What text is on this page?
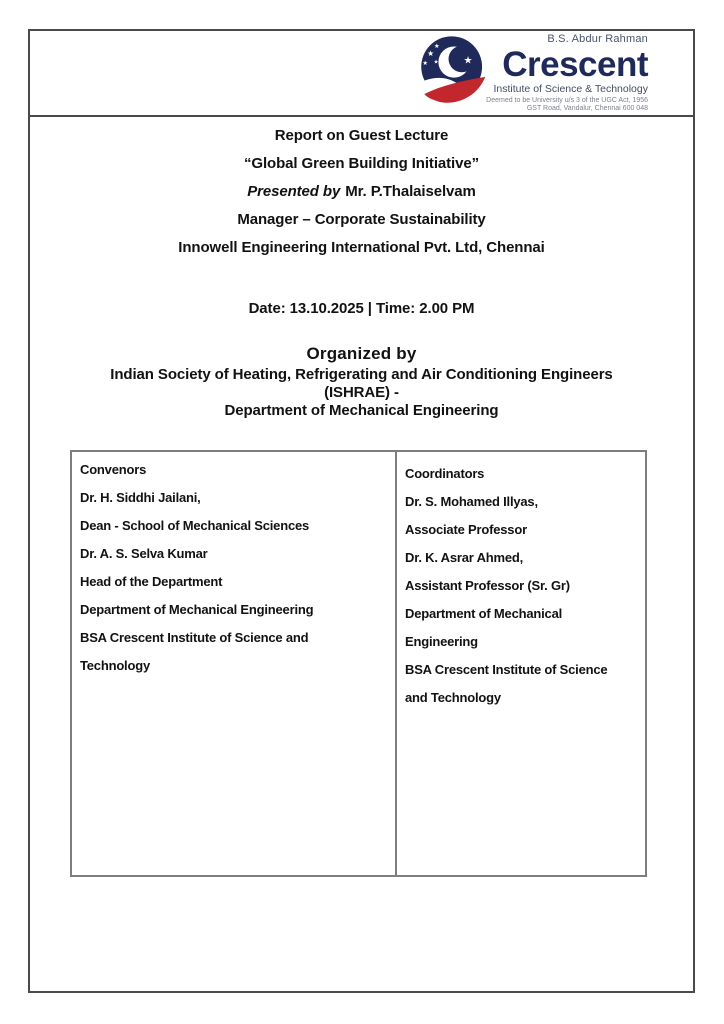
★
★
★
★ ★
★
B.S. Abdur Rahman
Crescent
Institute of Science & Technology
Deemed to be University u/s 3 of the UGC Act, 1956
GST Road, Vandalur, Chennai 600 048
Report on Guest Lecture
“Global Green Building Initiative”
Presented by Mr. P.Thalaiselvam
Manager – Corporate Sustainability
Innowell Engineering International Pvt. Ltd, Chennai
Date: 13.10.2025 | Time: 2.00 PM
Organized by
Indian Society of Heating, Refrigerating and Air Conditioning Engineers
(ISHRAE) -
Department of Mechanical Engineering
Convenors
Dr. H. Siddhi Jailani,
Dean - School of Mechanical Sciences
Dr. A. S. Selva Kumar
Head of the Department
Department of Mechanical Engineering
BSA Crescent Institute of Science and
Technology
Coordinators
Dr. S. Mohamed Illyas,
Associate Professor
Dr. K. Asrar Ahmed,
Assistant Professor (Sr. Gr)
Department of Mechanical
Engineering
BSA Crescent Institute of Science
and Technology
